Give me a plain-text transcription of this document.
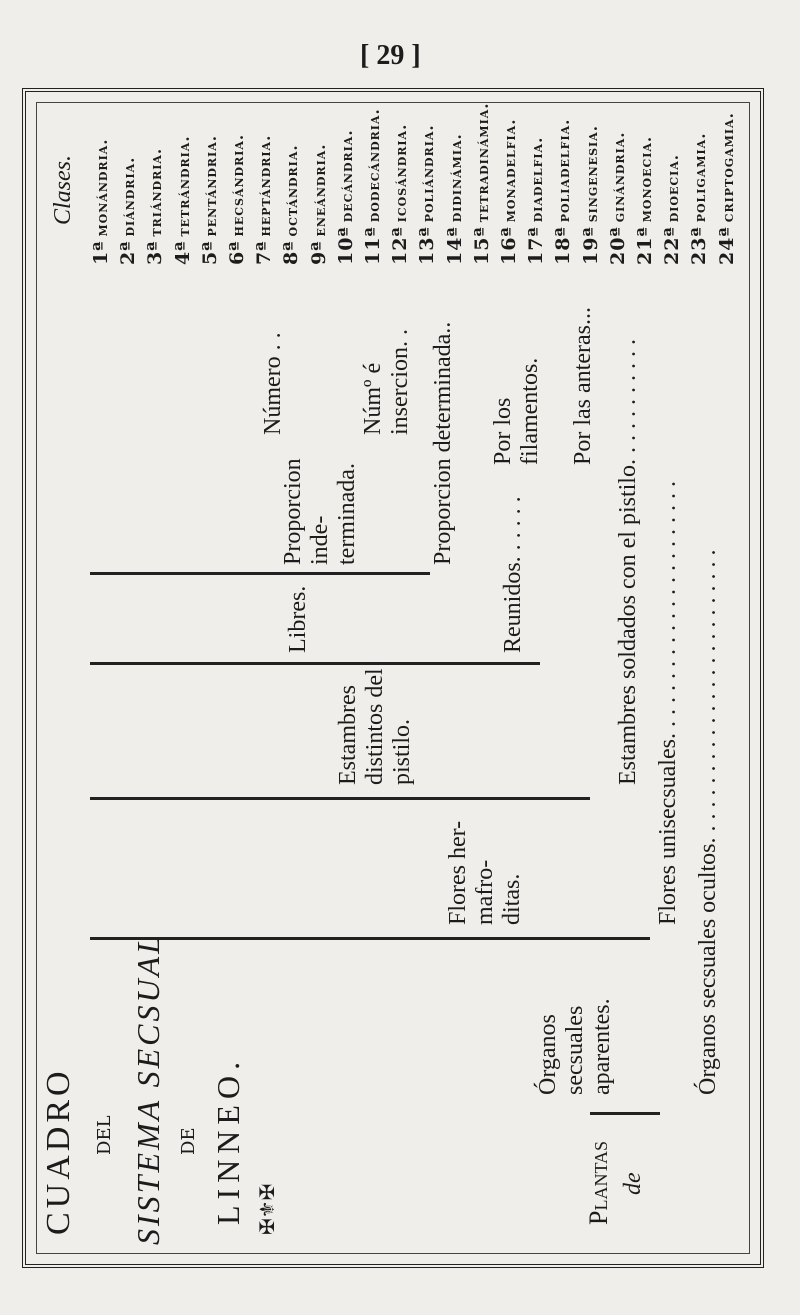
[ 29 ]
CUADRO DEL SISTEMA SECSUAL DE LINNEO. ✠⚜✠	Plantas de
Órganos secsuales aparentes.	Órganos secsuales ocultos. . . . . . . . . . . . . . . . . . . . . . . . .
Flores her- mafro- ditas.	Flores unisecsuales. . . . . . . . . . . . . . . . . . . . . .
Estambres distintos del pistilo.	Estambres soldados con el pistilo. . . . . . . . . . .
Libres.	Reunidos. . . . . .
Proporcion inde- terminada.	Proporcion determinada.. Por los filamentos. Por las anteras...
Número . .	Númº é insercion. .
Clases.
1ªmonándria.
2ªdiándria.
3ªtriándria.
4ªtetrándria.
5ªpentándria.
6ªhecsándria.
7ªheptándria.
8ªoctándria.
9ªeneándria.
10ªdecándria.
11ªdodecándria.
12ªicosándria.
13ªpoliándria.
14ªdidinámia.
15ªtetradinámia.
16ªmonadelfia.
17ªdiadelfia.
18ªpoliadelfia.
19ªsingenesia.
20ªginándria.
21ªmonoecia.
22ªdioecia.
23ªpoligamia.
24ªcriptogamia.
